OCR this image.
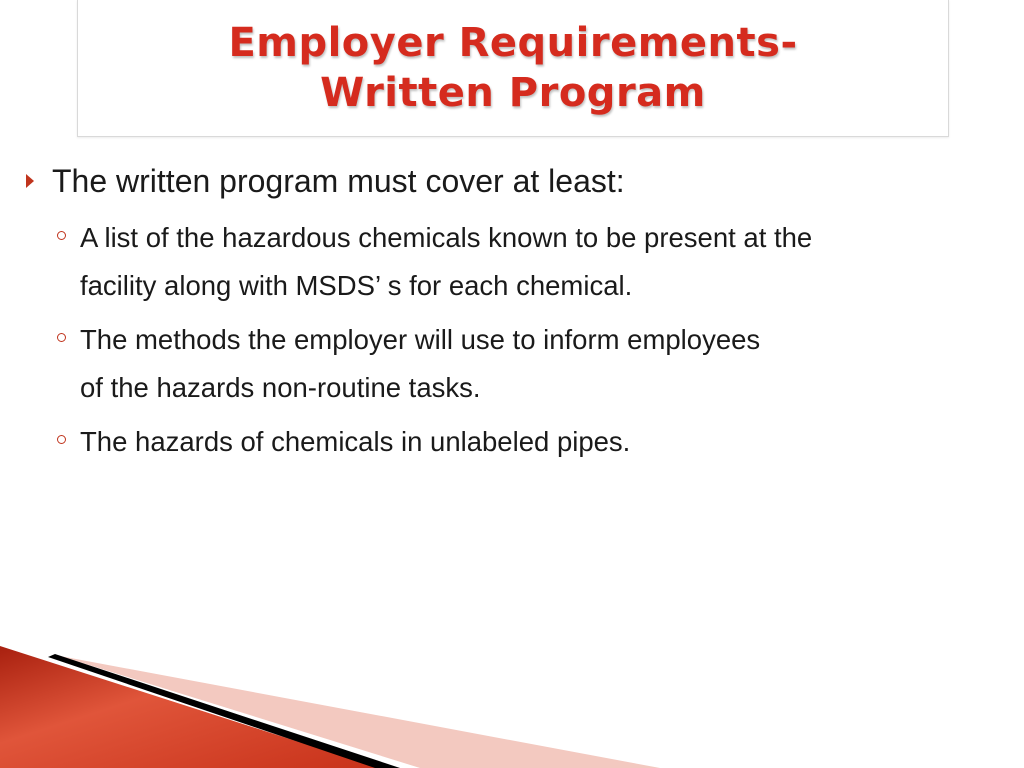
Employer Requirements-
Written Program
The written program must cover at least:
A list of the hazardous chemicals known to be present at the
facility along with MSDS’ s for each chemical.
The methods the employer will use to inform employees
of the hazards non-routine tasks.
The hazards of chemicals in unlabeled pipes.
